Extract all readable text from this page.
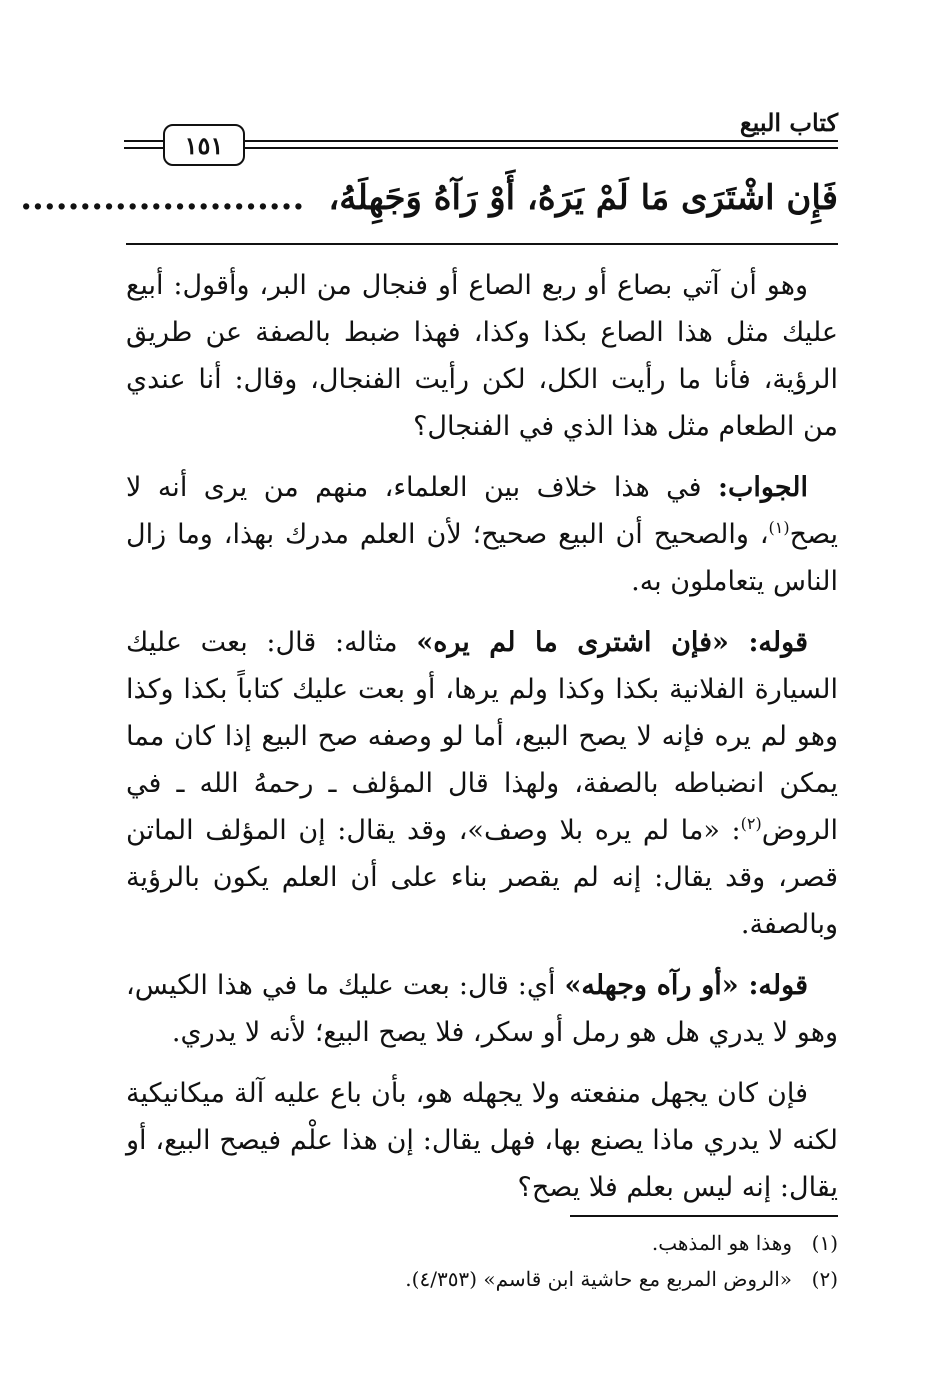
كتاب البيع
١٥١
فَإِن اشْتَرَى مَا لَمْ يَرَهُ، أَوْ رَآهُ وَجَهِلَهُ،........................

وهو أن آتي بصاع أو ربع الصاع أو فنجال من البر، وأقول: أبيع عليك مثل هذا الصاع بكذا وكذا، فهذا ضبط بالصفة عن طريق الرؤية، فأنا ما رأيت الكل، لكن رأيت الفنجال، وقال: أنا عندي من الطعام مثل هذا الذي في الفنجال؟

الجواب: في هذا خلاف بين العلماء، منهم من يرى أنه لا يصح$^{(١)}$، والصحيح أن البيع صحيح؛ لأن العلم مدرك بهذا، وما زال الناس يتعاملون به.

قوله: «فإن اشترى ما لم يره» مثاله: قال: بعت عليك السيارة الفلانية بكذا وكذا ولم يرها، أو بعت عليك كتاباً بكذا وكذا وهو لم يره فإنه لا يصح البيع، أما لو وصفه صح البيع إذا كان مما يمكن انضباطه بالصفة، ولهذا قال المؤلف ـ رحمهُ الله ـ في الروض$^{(٢)}$: «ما لم يره بلا وصف»، وقد يقال: إن المؤلف الماتن قصر، وقد يقال: إنه لم يقصر بناء على أن العلم يكون بالرؤية وبالصفة.

قوله: «أو رآه وجهله» أي: قال: بعت عليك ما في هذا الكيس، وهو لا يدري هل هو رمل أو سكر، فلا يصح البيع؛ لأنه لا يدري.

فإن كان يجهل منفعته ولا يجهله هو، بأن باع عليه آلة ميكانيكية لكنه لا يدري ماذا يصنع بها، فهل يقال: إن هذا علْم فيصح البيع، أو يقال: إنه ليس بعلم فلا يصح؟

(١)
وهذا هو المذهب.
(٢)
«الروض المربع مع حاشية ابن قاسم» (٤/٣٥٣).
